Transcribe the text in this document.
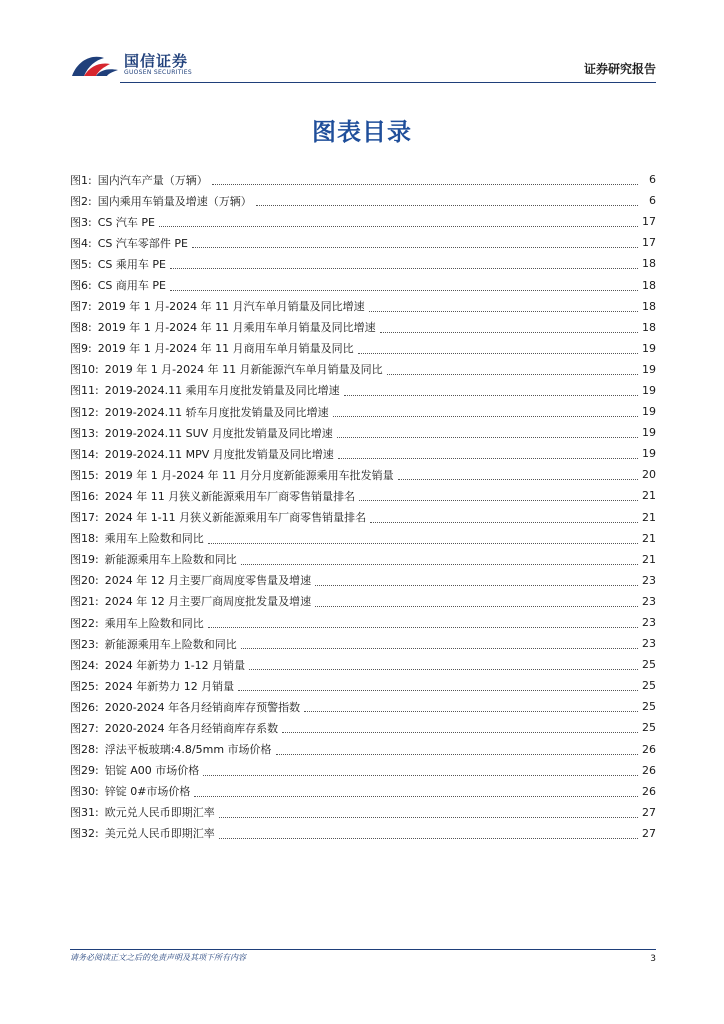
国信证券
GUOSEN SECURITIES	证券研究报告
图表目录
图1: 国内汽车产量（万辆）	6
图2: 国内乘用车销量及增速（万辆）	6
图3: CS 汽车 PE	17
图4: CS 汽车零部件 PE	17
图5: CS 乘用车 PE	18
图6: CS 商用车 PE	18
图7: 2019 年 1 月-2024 年 11 月汽车单月销量及同比增速	18
图8: 2019 年 1 月-2024 年 11 月乘用车单月销量及同比增速	18
图9: 2019 年 1 月-2024 年 11 月商用车单月销量及同比	19
图10: 2019 年 1 月-2024 年 11 月新能源汽车单月销量及同比	19
图11: 2019-2024.11 乘用车月度批发销量及同比增速	19
图12: 2019-2024.11 轿车月度批发销量及同比增速	19
图13: 2019-2024.11 SUV 月度批发销量及同比增速	19
图14: 2019-2024.11 MPV 月度批发销量及同比增速	19
图15: 2019 年 1 月-2024 年 11 月分月度新能源乘用车批发销量	20
图16: 2024 年 11 月狭义新能源乘用车厂商零售销量排名	21
图17: 2024 年 1-11 月狭义新能源乘用车厂商零售销量排名	21
图18: 乘用车上险数和同比	21
图19: 新能源乘用车上险数和同比	21
图20: 2024 年 12 月主要厂商周度零售量及增速	23
图21: 2024 年 12 月主要厂商周度批发量及增速	23
图22: 乘用车上险数和同比	23
图23: 新能源乘用车上险数和同比	23
图24: 2024 年新势力 1-12 月销量	25
图25: 2024 年新势力 12 月销量	25
图26: 2020-2024 年各月经销商库存预警指数	25
图27: 2020-2024 年各月经销商库存系数	25
图28: 浮法平板玻璃:4.8/5mm 市场价格	26
图29: 铝锭 A00 市场价格	26
图30: 锌锭 0#市场价格	26
图31: 欧元兑人民币即期汇率	27
图32: 美元兑人民币即期汇率	27
请务必阅读正文之后的免责声明及其项下所有内容	3
